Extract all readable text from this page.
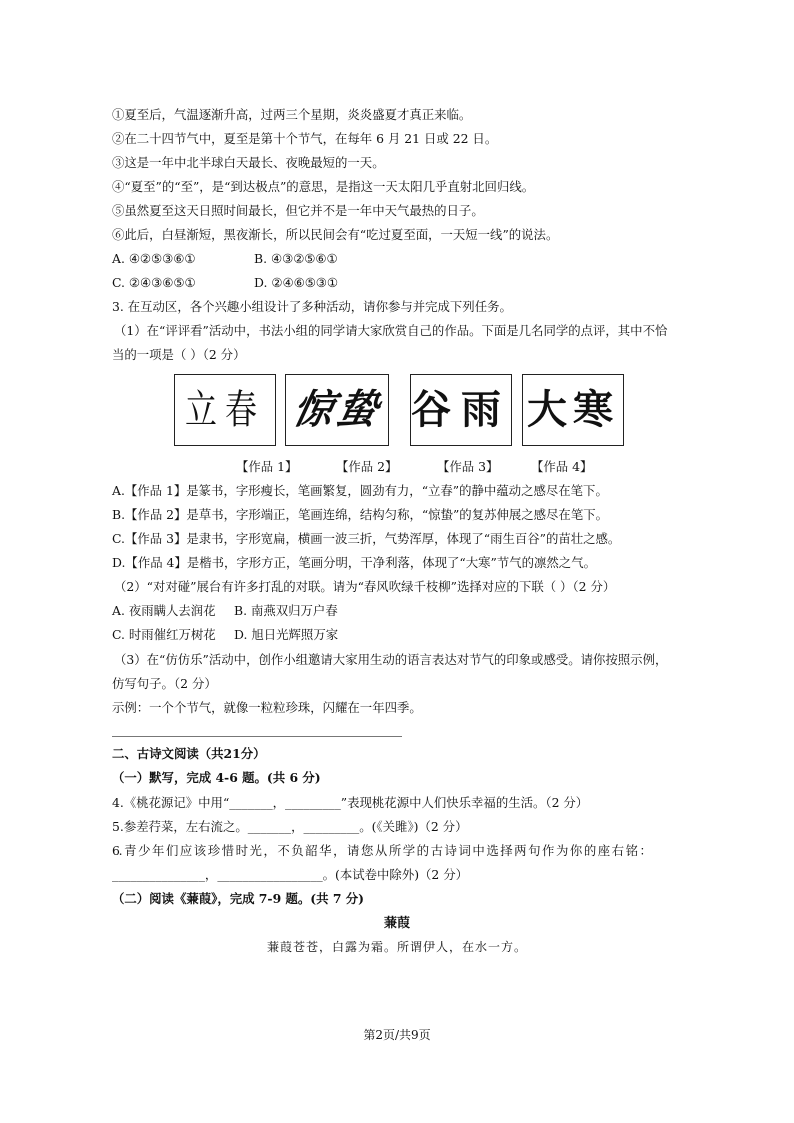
①夏至后，气温逐渐升高，过两三个星期，炎炎盛夏才真正来临。
②在二十四节气中，夏至是第十个节气，在每年 6 月 21 日或 22 日。
③这是一年中北半球白天最长、夜晚最短的一天。
④“夏至”的“至”，是“到达极点”的意思，是指这一天太阳几乎直射北回归线。
⑤虽然夏至这天日照时间最长，但它并不是一年中天气最热的日子。
⑥此后，白昼渐短，黑夜渐长，所以民间会有“吃过夏至面，一天短一线”的说法。
A. ④②⑤③⑥①	B. ④③②⑤⑥①
C. ②④③⑥⑤①	D. ②④⑥⑤③①
3. 在互动区，各个兴趣小组设计了多种活动，请你参与并完成下列任务。
（1）在“评评看”活动中，书法小组的同学请大家欣赏自己的作品。下面是几名同学的点评，其中不恰
当的一项是（ ）（2 分）
立春 惊蛰 谷雨 大寒
【作品 1】	【作品 2】	【作品 3】	【作品 4】
A.【作品 1】是篆书，字形瘦长，笔画繁复，圆劲有力，“立春”的静中蕴动之感尽在笔下。
B.【作品 2】是草书，字形端正，笔画连绵，结构匀称，“惊蛰”的复苏伸展之感尽在笔下。
C.【作品 3】是隶书，字形宽扁，横画一波三折，气势浑厚，体现了“雨生百谷”的苗壮之感。
D.【作品 4】是楷书，字形方正，笔画分明，干净利落，体现了“大寒”节气的凛然之气。
（2）“对对碰”展台有许多打乱的对联。请为“春风吹绿千枝柳”选择对应的下联（ ）（2 分）
A. 夜雨瞒人去润花 B. 南燕双归万户春
C. 时雨催红万树花 D. 旭日光辉照万家
（3）在“仿仿乐”活动中，创作小组邀请大家用生动的语言表达对节气的印象或感受。请你按照示例，
仿写句子。（2 分）
示例：一个个节气，就像一粒粒珍珠，闪耀在一年四季。
二、古诗文阅读（共21分）
（一）默写，完成 4-6 题。(共 6 分)
4.《桃花源记》中用“_______，_________”表现桃花源中人们快乐幸福的生活。（2 分）
5.参差荇菜，左右流之。_______，_________。(《关雎》)（2 分）
6. 青 少 年 们 应 该 珍 惜 时 光 ， 不 负 韶 华 ， 请 您 从 所 学 的 古 诗 词 中 选 择 两 句 作 为 你 的 座 右 铭 ：
_______________，_________________。(本试卷中除外)（2 分）
（二）阅读《蒹葭》，完成 7-9 题。(共 7 分)
蒹葭
蒹葭苍苍，白露为霜。所谓伊人，在水一方。
第2页/共9页
